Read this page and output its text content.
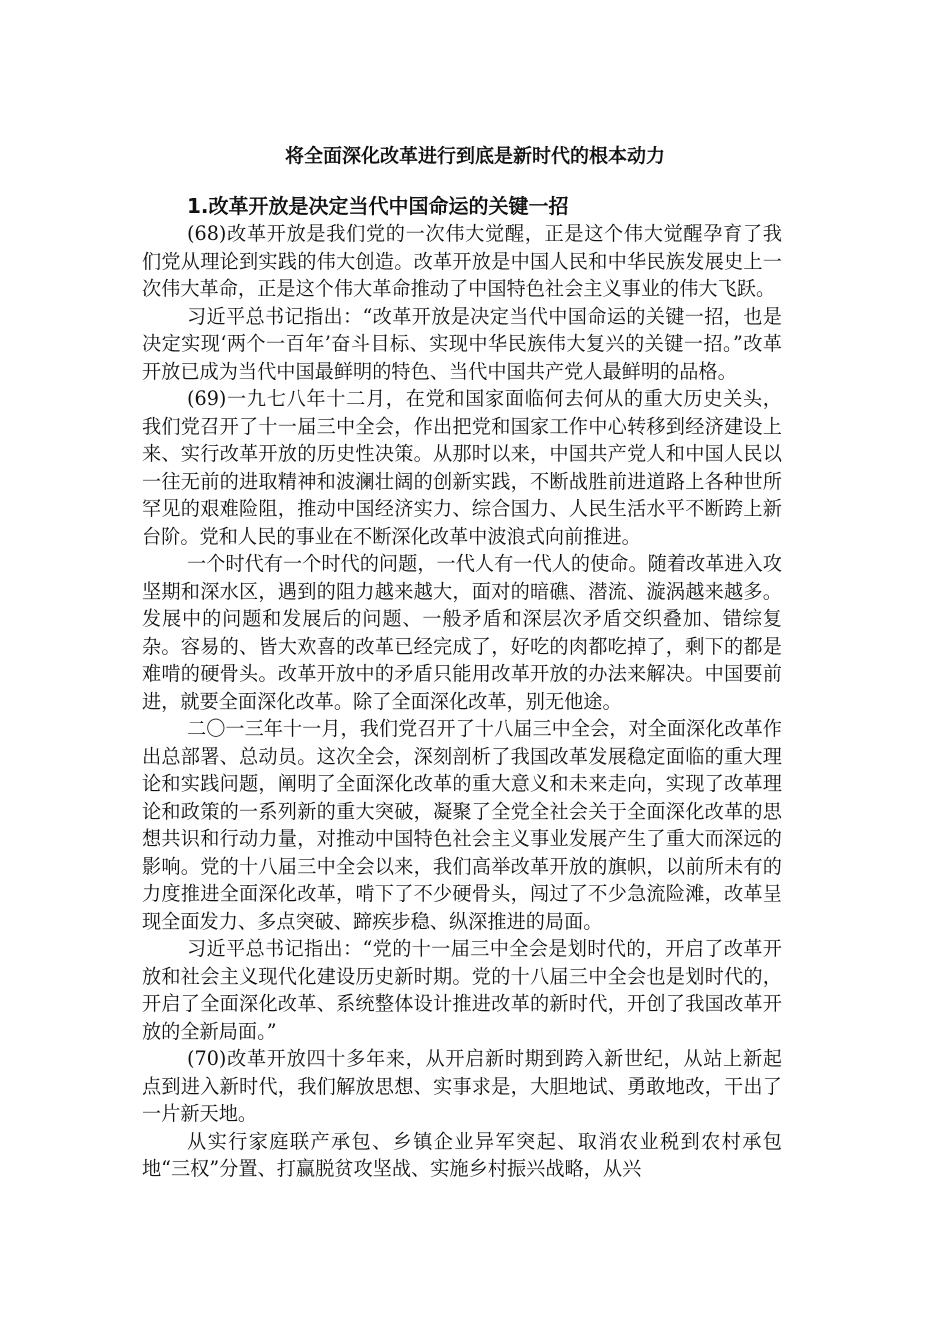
将全面深化改革进行到底是新时代的根本动力
1.改革开放是决定当代中国命运的关键一招

(68)改革开放是我们党的一次伟大觉醒，正是这个伟大觉醒孕育了我们党从理论到实践的伟大创造。改革开放是中国人民和中华民族发展史上一次伟大革命，正是这个伟大革命推动了中国特色社会主义事业的伟大飞跃。

习近平总书记指出：“改革开放是决定当代中国命运的关键一招，也是决定实现‘两个一百年’奋斗目标、实现中华民族伟大复兴的关键一招。”改革开放已成为当代中国最鲜明的特色、当代中国共产党人最鲜明的品格。

(69)一九七八年十二月，在党和国家面临何去何从的重大历史关头，我们党召开了十一届三中全会，作出把党和国家工作中心转移到经济建设上来、实行改革开放的历史性决策。从那时以来，中国共产党人和中国人民以一往无前的进取精神和波澜壮阔的创新实践，不断战胜前进道路上各种世所罕见的艰难险阻，推动中国经济实力、综合国力、人民生活水平不断跨上新台阶。党和人民的事业在不断深化改革中波浪式向前推进。

一个时代有一个时代的问题，一代人有一代人的使命。随着改革进入攻坚期和深水区，遇到的阻力越来越大，面对的暗礁、潜流、漩涡越来越多。发展中的问题和发展后的问题、一般矛盾和深层次矛盾交织叠加、错综复杂。容易的、皆大欢喜的改革已经完成了，好吃的肉都吃掉了，剩下的都是难啃的硬骨头。改革开放中的矛盾只能用改革开放的办法来解决。中国要前进，就要全面深化改革。除了全面深化改革，别无他途。

二〇一三年十一月，我们党召开了十八届三中全会，对全面深化改革作出总部署、总动员。这次全会，深刻剖析了我国改革发展稳定面临的重大理论和实践问题，阐明了全面深化改革的重大意义和未来走向，实现了改革理论和政策的一系列新的重大突破，凝聚了全党全社会关于全面深化改革的思想共识和行动力量，对推动中国特色社会主义事业发展产生了重大而深远的影响。党的十八届三中全会以来，我们高举改革开放的旗帜，以前所未有的力度推进全面深化改革，啃下了不少硬骨头，闯过了不少急流险滩，改革呈现全面发力、多点突破、蹄疾步稳、纵深推进的局面。

习近平总书记指出：“党的十一届三中全会是划时代的，开启了改革开放和社会主义现代化建设历史新时期。党的十八届三中全会也是划时代的，开启了全面深化改革、系统整体设计推进改革的新时代，开创了我国改革开放的全新局面。”

(70)改革开放四十多年来，从开启新时期到跨入新世纪，从站上新起点到进入新时代，我们解放思想、实事求是，大胆地试、勇敢地改，干出了一片新天地。

从实行家庭联产承包、乡镇企业异军突起、取消农业税到农村承包地“三权”分置、打赢脱贫攻坚战、实施乡村振兴战略，从兴
